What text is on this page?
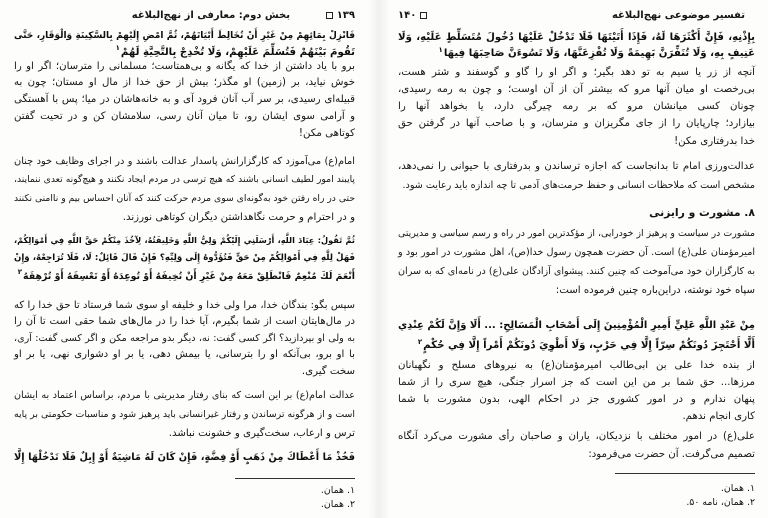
۱۳۹
بخش دوم: معارفی از نهج‌البلاغه
فَانْزِلْ بِمَائِهِمْ مِنْ غَيْرِ أَنْ تُخَالِطَ أَبْيَاتَهُمْ، ثُمَّ امْضِ إِلَيْهِمْ بِالسَّكِينَةِ وَالْوَقَارِ، حَتَّى
تَقُومَ بَيْنَهُمْ فَتُسَلِّمَ عَلَيْهِمْ، وَلَا تُخْدِجْ بِالتَّحِيَّةِ لَهُمْ$^۱$
برو با یاد داشتن از خدا که یگانه و بی‌همتاست؛ مسلمانی را مترسان؛ اگر او را
خوش نیاید، بر (زمین) او مگذر؛ بیش از حق خدا از مال او مستان؛ چون به
قبیله‌ای رسیدی، بر سر آب آنان فرود آی و به خانه‌هاشان در میا؛ پس با آهستگی
و آرامی سوی ایشان رو، تا میان آنان رسی، سلامشان کن و در تحیت گفتن
کوتاهی مکن!
امام(ع) می‌آموزد که کارگزارانش پاسدار عدالت باشند و در اجرای وظایف خود چنان
پایبند امور لطیف انسانی باشند که هیچ ترسی در مردم ایجاد نکنند و هیچ‌گونه تعدی ننمایند،
حتی در راه رفتن خود به‌گونه‌ای سوی مردم حرکت کنند که آنان احساس بیم و ناامنی نکنند
و در احترام و حرمت نگاهداشتن دیگران کوتاهی نورزند.
ثُمَّ تَقُولُ: عِبَادَ اللَّهِ، أَرْسَلَنِي إِلَيْكُمْ وَلِيُّ اللَّهِ وَخَلِيفَتُهُ، لِآخُذَ مِنْكُمْ حَقَّ اللَّهِ فِي أَمْوَالِكُمْ،
فَهَلْ لِلَّهِ فِي أَمْوَالِكُمْ مِنْ حَقٍّ فَتُؤَدُّوهُ إِلَى وَلِيِّهِ؟ فَإِنْ قَالَ قَائِلٌ: لَا، فَلَا تُرَاجِعْهُ، وَإِنْ
أَنْعَمَ لَكَ مُنْعِمٌ فَانْطَلِقْ مَعَهُ مِنْ غَيْرِ أَنْ تُخِيفَهُ أَوْ تُوعِدَهُ أَوْ تَعْسِفَهُ أَوْ تُرْهِقَهُ$^۲$
سپس بگو: بندگان خدا، مرا ولی خدا و خلیفه او سوی شما فرستاد تا حق خدا را که
در مال‌هایتان است از شما بگیرم، آیا خدا را در مال‌های شما حقی است تا آن را
به ولی او بپردازید؟ اگر کسی گفت: نه، دیگر بدو مراجعه مکن و اگر کسی گفت: آری،
با او برو، بی‌آنکه او را بترسانی، یا بیمش دهی، یا بر او دشواری نهی، یا بر او
سخت گیری.
عدالت امام(ع) بر این است که بنای رفتار مدیریتی با مردم، براساس اعتماد به ایشان
است و از هرگونه ترساندن و رفتار غیرانسانی باید پرهیز شود و مناسبات حکومتی بر پایه
ترس و ارعاب، سخت‌گیری و خشونت نباشد.
فَخُذْ مَا أَعْطَاكَ مِنْ ذَهَبٍ أَوْ فِضَّةٍ، فَإِنْ كَانَ لَهُ مَاشِيَةٌ أَوْ إِبِلٌ فَلَا تَدْخُلْهَا إِلَّا
۱. همان.
۲. همان.
۱۴۰	تفسیر موضوعی نهج‌البلاغه
بِإِذْنِهِ، فَإِنَّ أَكْثَرَهَا لَهُ، فَإِذَا أَتَيْتَهَا فَلَا تَدْخُلْ عَلَيْهَا دُخُولَ مُتَسَلِّطٍ عَلَيْهِ، وَلَا
عَنِيفٍ بِهِ، وَلَا تُنَفِّرَنَّ بَهِيمَةً وَلَا تُفْزِعَنَّهَا، وَلَا تَسُوءَنَّ صَاحِبَهَا فِيهَا$^۱$
آنچه از زر یا سیم به تو دهد بگیر؛ و اگر او را گاو و گوسفند و شتر هست،
بی‌رخصت او میان آنها مرو که بیشتر آن از آن اوست؛ و چون به رمه رسیدی،
چونان کسی میانشان مرو که بر رمه چیرگی دارد، یا بخواهد آنها را
بیازارد؛ چارپایان را از جای مگریزان و مترسان، و با صاحب آنها در گرفتن حق
خدا بدرفتاری مکن!
عدالت‌ورزی امام تا بدانجاست که اجازه ترساندن و بدرفتاری با حیوانی را نمی‌دهد،
مشخص است که ملاحظات انسانی و حفظ حرمت‌های آدمی تا چه اندازه باید رعایت شود.
۸. مشورت و رایزنی
مشورت در سیاست و پرهیز از خودرایی، از مؤکدترین امور در راه و رسم سیاسی و مدیریتی
امیرمؤمنان علی(ع) است. آن حضرت همچون رسول خدا(ص)، اهل مشورت در امور بود و
به کارگزاران خود می‌آموخت که چنین کنند. پیشوای آزادگان علی(ع) در نامه‌ای که به سران
سپاه خود نوشته، دراین‌باره چنین فرموده است:
مِنْ عَبْدِ اللَّهِ عَلِيٍّ أَمِيرِ الْمُؤْمِنِينَ إِلَى أَصْحَابِ الْمَسَالِحِ: ... أَلَا وَإِنَّ لَكُمْ عِنْدِي
أَلَّا أَحْتَجِزَ دُونَكُمْ سِرّاً إِلَّا فِي حَرْبٍ، وَلَا أَطْوِيَ دُونَكُمْ أَمْراً إِلَّا فِي حُكْمٍ$^۲$
از بنده خدا علی بن ابی‌طالب امیرمؤمنان(ع) به نیروهای مسلح و نگهبانان
مرزها... حق شما بر من این است که جز اسرار جنگی، هیچ سری را از شما
پنهان ندارم و در امور کشوری جز در احکام الهی، بدون مشورت با شما
کاری انجام ندهم.
علی(ع) در امور مختلف با نزدیکان، یاران و صاحبان رأی مشورت می‌کرد آنگاه
تصمیم می‌گرفت. آن حضرت می‌فرمود:
۱. همان.
۲. همان، نامه ۵۰.
